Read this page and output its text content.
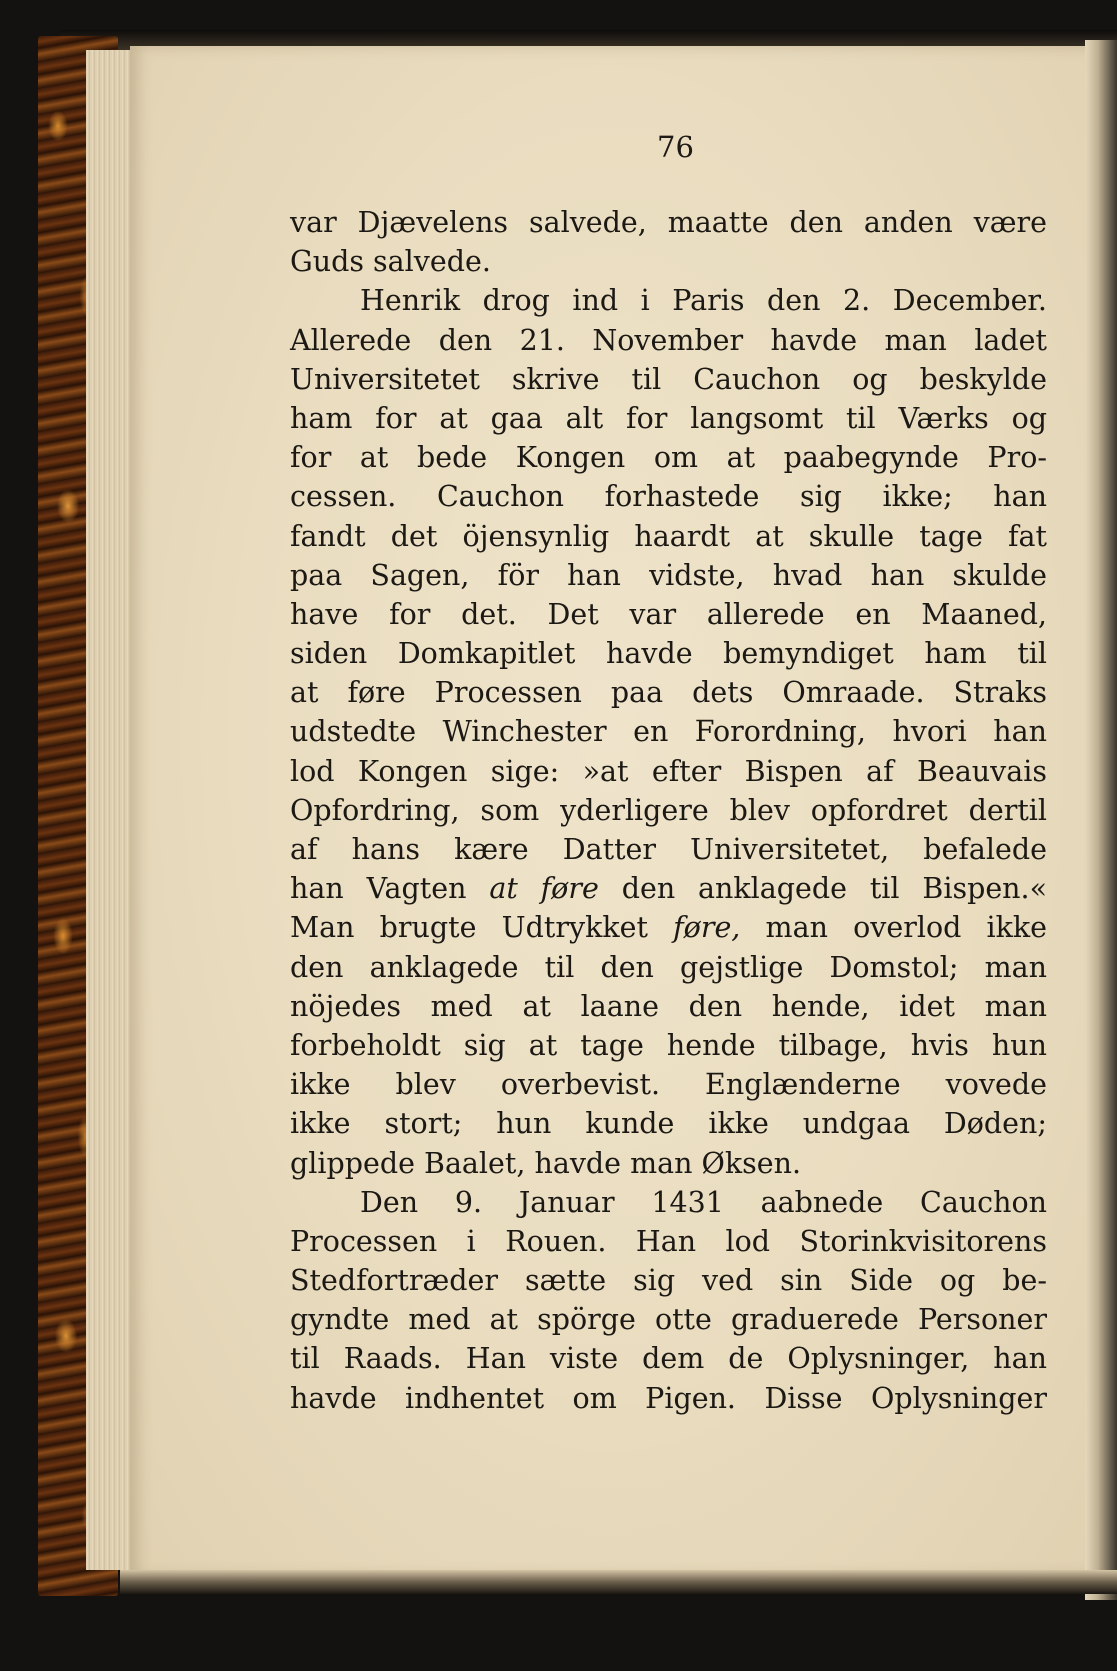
76
var Djævelens salvede, maatte den anden være
Guds salvede.
Henrik drog ind i Paris den 2. December.
Allerede den 21. November havde man ladet
Universitetet skrive til Cauchon og beskylde
ham for at gaa alt for langsomt til Værks og
for at bede Kongen om at paabegynde Pro-
cessen. Cauchon forhastede sig ikke; han
fandt det öjensynlig haardt at skulle tage fat
paa Sagen, för han vidste, hvad han skulde
have for det. Det var allerede en Maaned,
siden Domkapitlet havde bemyndiget ham til
at føre Processen paa dets Omraade. Straks
udstedte Winchester en Forordning, hvori han
lod Kongen sige: »at efter Bispen af Beauvais
Opfordring, som yderligere blev opfordret dertil
af hans kære Datter Universitetet, befalede
han Vagten at føre den anklagede til Bispen.«
Man brugte Udtrykket føre, man overlod ikke
den anklagede til den gejstlige Domstol; man
nöjedes med at laane den hende, idet man
forbeholdt sig at tage hende tilbage, hvis hun
ikke blev overbevist. Englænderne vovede
ikke stort; hun kunde ikke undgaa Døden;
glippede Baalet, havde man Øksen.
Den 9. Januar 1431 aabnede Cauchon
Processen i Rouen. Han lod Storinkvisitorens
Stedfortræder sætte sig ved sin Side og be-
gyndte med at spörge otte graduerede Personer
til Raads. Han viste dem de Oplysninger, han
havde indhentet om Pigen. Disse Oplysninger
